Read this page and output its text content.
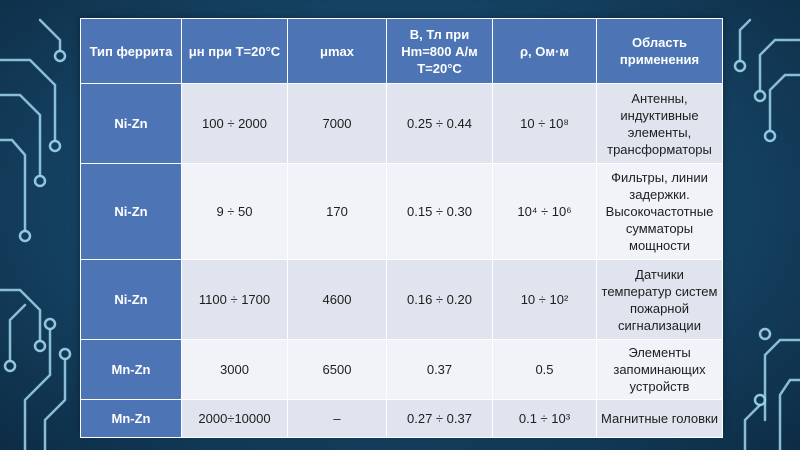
Тип феррита	μн при T=20°C	μmax	B, Тл при Hm=800 А/м T=20°C	ρ, Ом·м	Область применения
Ni-Zn	100 ÷ 2000	7000	0.25 ÷ 0.44	10 ÷ 10⁸	Антенны, индуктивные элементы, трансформаторы
Ni-Zn	9 ÷ 50	170	0.15 ÷ 0.30	10⁴ ÷ 10⁶	Фильтры, линии задержки. Высокочастотные сумматоры мощности
Ni-Zn	1100 ÷ 1700	4600	0.16 ÷ 0.20	10 ÷ 10²	Датчики температур систем пожарной сигнализации
Mn-Zn	3000	6500	0.37	0.5	Элементы запоминающих устройств
Mn-Zn	2000÷10000	–	0.27 ÷ 0.37	0.1 ÷ 10³	Магнитные головки
